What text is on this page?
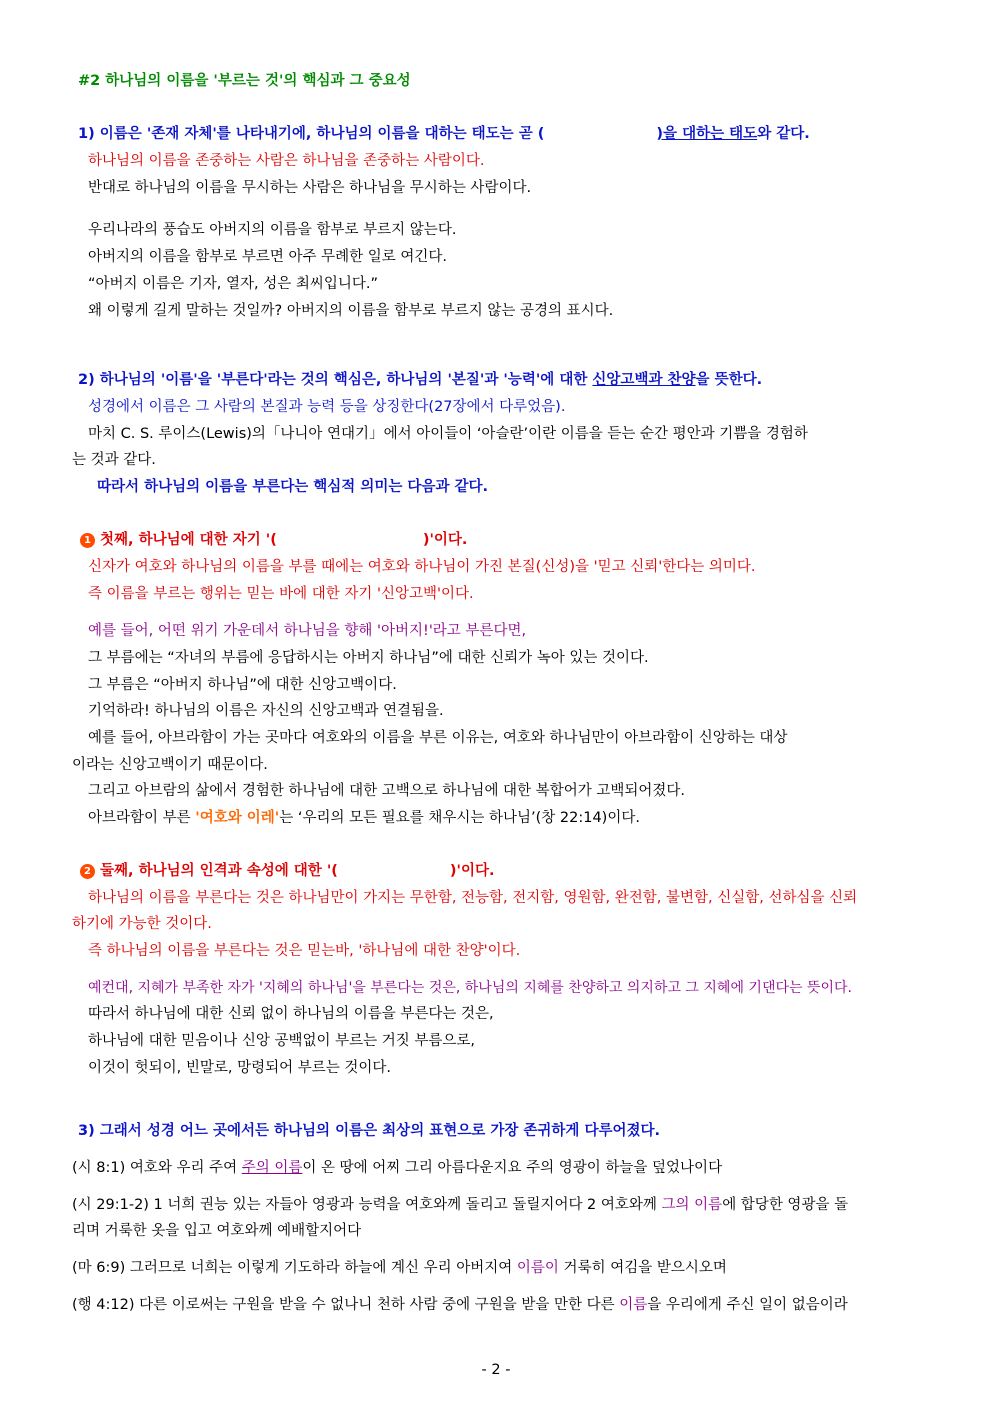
#2 하나님의 이름을 '부르는 것'의 핵심과 그 중요성
1) 이름은 '존재 자체'를 나타내기에, 하나님의 이름을 대하는 태도는 곧 (	)을 대하는 태도와 같다.
하나님의 이름을 존중하는 사람은 하나님을 존중하는 사람이다.
반대로 하나님의 이름을 무시하는 사람은 하나님을 무시하는 사람이다.
우리나라의 풍습도 아버지의 이름을 함부로 부르지 않는다.
아버지의 이름을 함부로 부르면 아주 무례한 일로 여긴다.
“아버지 이름은 기자, 열자, 성은 최씨입니다.”
왜 이렇게 길게 말하는 것일까? 아버지의 이름을 함부로 부르지 않는 공경의 표시다.
2) 하나님의 '이름'을 '부른다'라는 것의 핵심은, 하나님의 '본질'과 '능력'에 대한 신앙고백과 찬양을 뜻한다.
성경에서 이름은 그 사람의 본질과 능력 등을 상징한다(27장에서 다루었음).
마치 C. S. 루이스(Lewis)의「나니아 연대기」에서 아이들이 ‘아슬란’이란 이름을 듣는 순간 평안과 기쁨을 경험하
는 것과 같다.
따라서 하나님의 이름을 부른다는 핵심적 의미는 다음과 같다.
1 첫째, 하나님에 대한 자기 '(	)'이다.
신자가 여호와 하나님의 이름을 부를 때에는 여호와 하나님이 가진 본질(신성)을 '믿고 신뢰'한다는 의미다.
즉 이름을 부르는 행위는 믿는 바에 대한 자기 '신앙고백'이다.
예를 들어, 어떤 위기 가운데서 하나님을 향해 '아버지!'라고 부른다면,
그 부름에는 “자녀의 부름에 응답하시는 아버지 하나님”에 대한 신뢰가 녹아 있는 것이다.
그 부름은 “아버지 하나님”에 대한 신앙고백이다.
기억하라! 하나님의 이름은 자신의 신앙고백과 연결됨을.
예를 들어, 아브라함이 가는 곳마다 여호와의 이름을 부른 이유는, 여호와 하나님만이 아브라함이 신앙하는 대상
이라는 신앙고백이기 때문이다.
그리고 아브람의 삶에서 경험한 하나님에 대한 고백으로 하나님에 대한 복합어가 고백되어졌다.
아브라함이 부른 '여호와 이레'는 ‘우리의 모든 필요를 채우시는 하나님’(창 22:14)이다.
2 둘째, 하나님의 인격과 속성에 대한 '(	)'이다.
하나님의 이름을 부른다는 것은 하나님만이 가지는 무한함, 전능함, 전지함, 영원함, 완전함, 불변함, 신실함, 선하심을 신뢰
하기에 가능한 것이다.
즉 하나님의 이름을 부른다는 것은 믿는바, '하나님에 대한 찬양'이다.
예컨대, 지혜가 부족한 자가 '지혜의 하나님'을 부른다는 것은, 하나님의 지혜를 찬양하고 의지하고 그 지혜에 기댄다는 뜻이다.
따라서 하나님에 대한 신뢰 없이 하나님의 이름을 부른다는 것은,
하나님에 대한 믿음이나 신앙 공백없이 부르는 거짓 부름으로,
이것이 헛되이, 빈말로, 망령되어 부르는 것이다.
3) 그래서 성경 어느 곳에서든 하나님의 이름은 최상의 표현으로 가장 존귀하게 다루어졌다.
(시 8:1) 여호와 우리 주여 주의 이름이 온 땅에 어찌 그리 아름다운지요 주의 영광이 하늘을 덮었나이다
(시 29:1-2) 1 너희 권능 있는 자들아 영광과 능력을 여호와께 돌리고 돌릴지어다 2 여호와께 그의 이름에 합당한 영광을 돌
리며 거룩한 옷을 입고 여호와께 예배할지어다
(마 6:9) 그러므로 너희는 이렇게 기도하라 하늘에 계신 우리 아버지여 이름이 거룩히 여김을 받으시오며
(행 4:12) 다른 이로써는 구원을 받을 수 없나니 천하 사람 중에 구원을 받을 만한 다른 이름을 우리에게 주신 일이 없음이라
- 2 -
